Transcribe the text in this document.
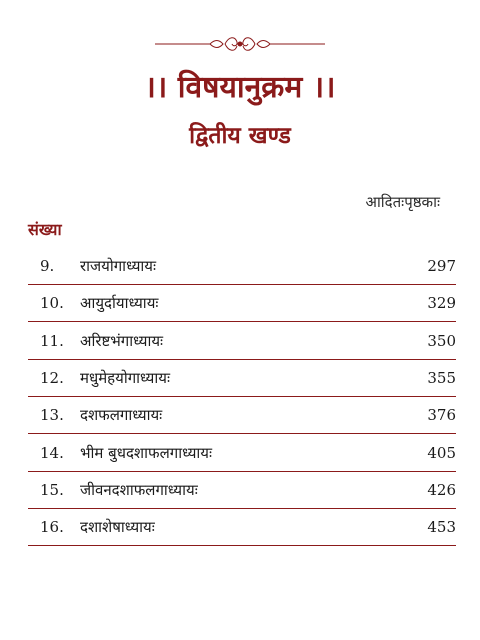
।। विषयानुक्रम ।।
द्वितीय खण्ड
आदितःपृष्ठकाः
संख्या
9.	राजयोगाध्यायः	297
10.	आयुर्दायाध्यायः	329
11.	अरिष्टभंगाध्यायः	350
12.	मधुमेहयोगाध्यायः	355
13.	दशफलगाध्यायः	376
14.	भीम बुधदशाफलगाध्यायः	405
15.	जीवनदशाफलगाध्यायः	426
16.	दशाशेषाध्यायः	453
